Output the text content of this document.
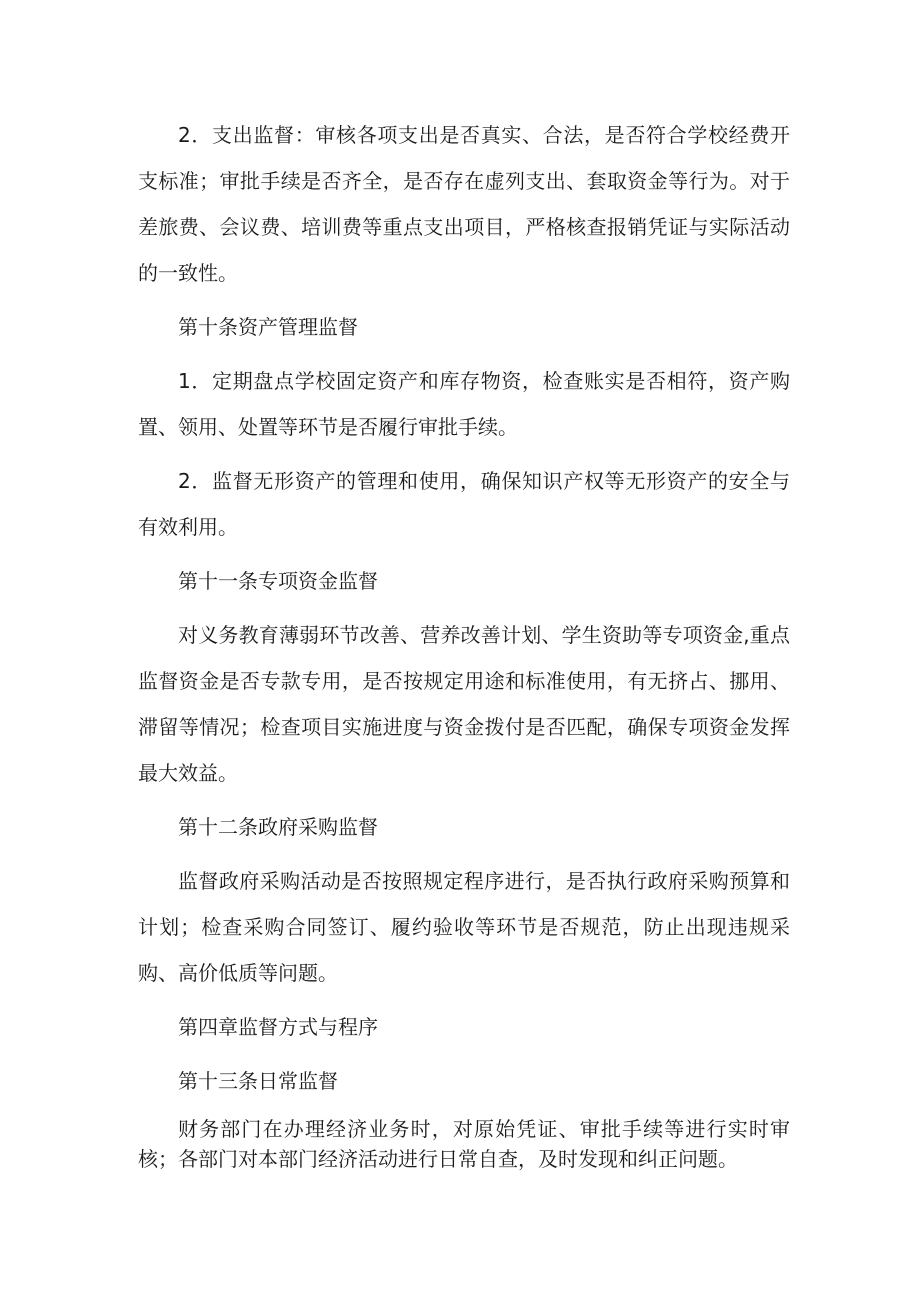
2．支出监督：审核各项支出是否真实、合法，是否符合学校经费开支标准；审批手续是否齐全，是否存在虚列支出、套取资金等行为。对于差旅费、会议费、培训费等重点支出项目，严格核查报销凭证与实际活动的一致性。

第十条资产管理监督

1．定期盘点学校固定资产和库存物资，检查账实是否相符，资产购置、领用、处置等环节是否履行审批手续。

2．监督无形资产的管理和使用，确保知识产权等无形资产的安全与有效利用。

第十一条专项资金监督

对义务教育薄弱环节改善、营养改善计划、学生资助等专项资金,重点监督资金是否专款专用，是否按规定用途和标准使用，有无挤占、挪用、滞留等情况；检查项目实施进度与资金拨付是否匹配，确保专项资金发挥最大效益。

第十二条政府采购监督

监督政府采购活动是否按照规定程序进行，是否执行政府采购预算和计划；检查采购合同签订、履约验收等环节是否规范，防止出现违规采购、高价低质等问题。

第四章监督方式与程序

第十三条日常监督

财务部门在办理经济业务时，对原始凭证、审批手续等进行实时审核；各部门对本部门经济活动进行日常自查，及时发现和纠正问题。
